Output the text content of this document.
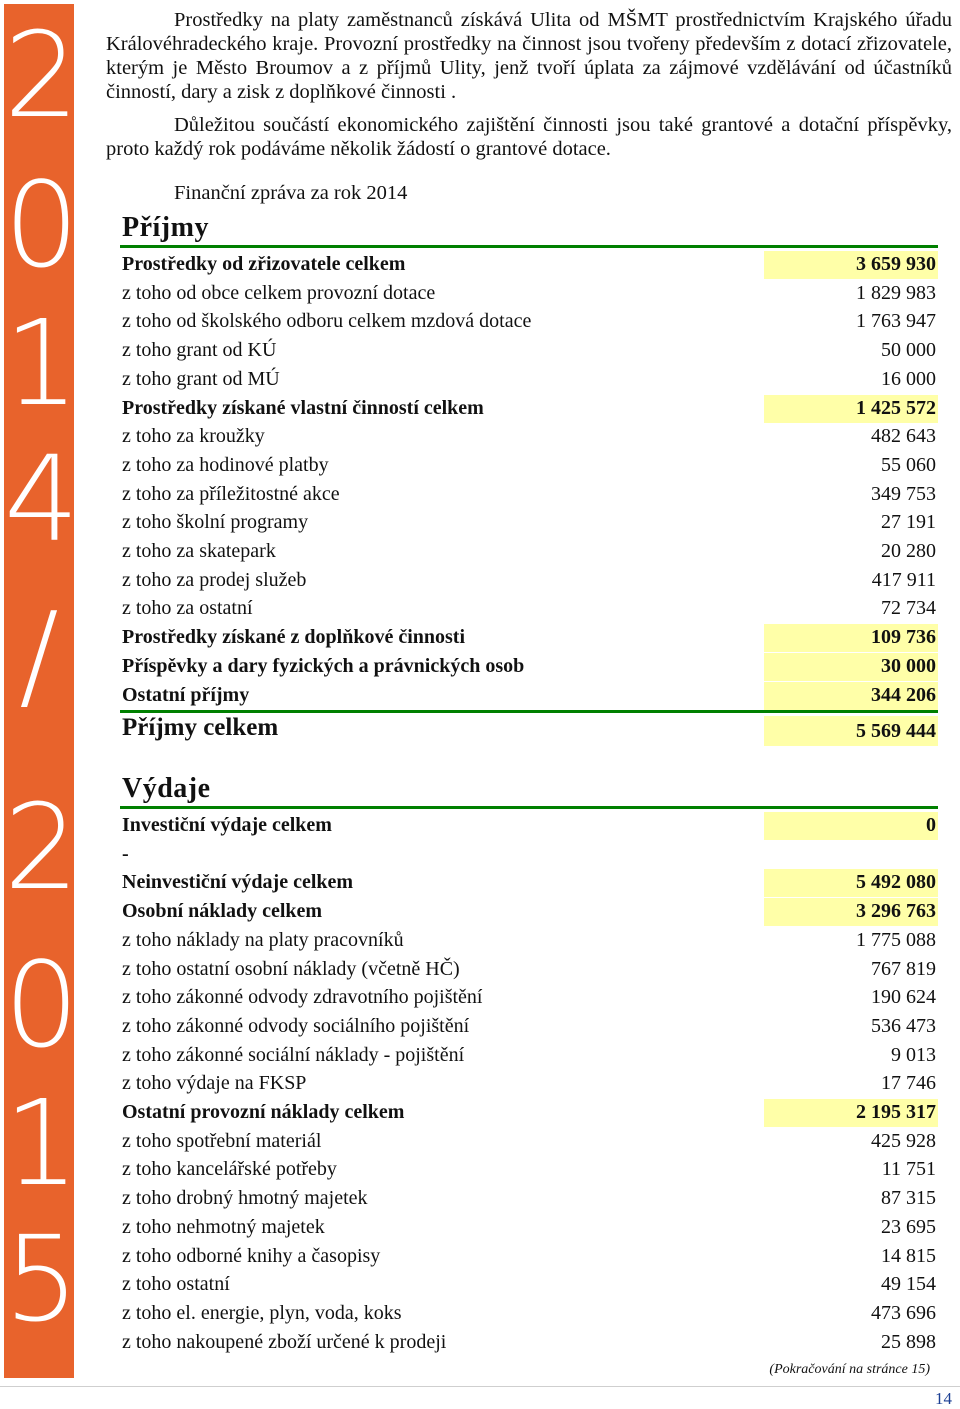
2
0
1
4
/
2
0
1
5

Prostředky na platy zaměstnanců získává Ulita od MŠMT prostřednictvím Krajského úřadu Královéhradeckého kraje. Provozní prostředky na činnost jsou tvořeny především z dotací zřizovatele, kterým je Město Broumov a z příjmů Ulity, jenž tvoří úplata za zájmové vzdělávání od účastníků činností, dary a zisk z doplňkové činnosti .

Důležitou součástí ekonomického zajištění činnosti jsou také grantové a dotační příspěvky, proto každý rok podáváme několik žádostí o grantové dotace.

Finanční zpráva za rok 2014
Příjmy
Prostředky od zřizovatele celkem	3 659 930
z toho od obce celkem provozní dotace	1 829 983
z toho od školského odboru celkem mzdová dotace	1 763 947
z toho grant od KÚ	50 000
z toho grant od MÚ	16 000
Prostředky získané vlastní činností celkem	1 425 572
z toho za kroužky	482 643
z toho za hodinové platby	55 060
z toho za příležitostné akce	349 753
z toho školní programy	27 191
z toho za skatepark	20 280
z toho za prodej služeb	417 911
z toho za ostatní	72 734
Prostředky získané z doplňkové činnosti	109 736
Příspěvky a dary fyzických a právnických osob	30 000
Ostatní příjmy	344 206
Příjmy celkem	5 569 444
Výdaje
Investiční výdaje celkem	0
-
Neinvestiční výdaje celkem	5 492 080
Osobní náklady celkem	3 296 763
z toho náklady na platy pracovníků	1 775 088
z toho ostatní osobní náklady (včetně HČ)	767 819
z toho zákonné odvody zdravotního pojištění	190 624
z toho zákonné odvody sociálního pojištění	536 473
z toho zákonné sociální náklady - pojištění	9 013
z toho výdaje na FKSP	17 746
Ostatní provozní náklady celkem	2 195 317
z toho spotřební materiál	425 928
z toho kancelářské potřeby	11 751
z toho drobný hmotný majetek	87 315
z toho nehmotný majetek	23 695
z toho odborné knihy a časopisy	14 815
z toho ostatní	49 154
z toho el. energie, plyn, voda, koks	473 696
z toho nakoupené zboží určené k prodeji	25 898
(Pokračování na stránce 15)
14
